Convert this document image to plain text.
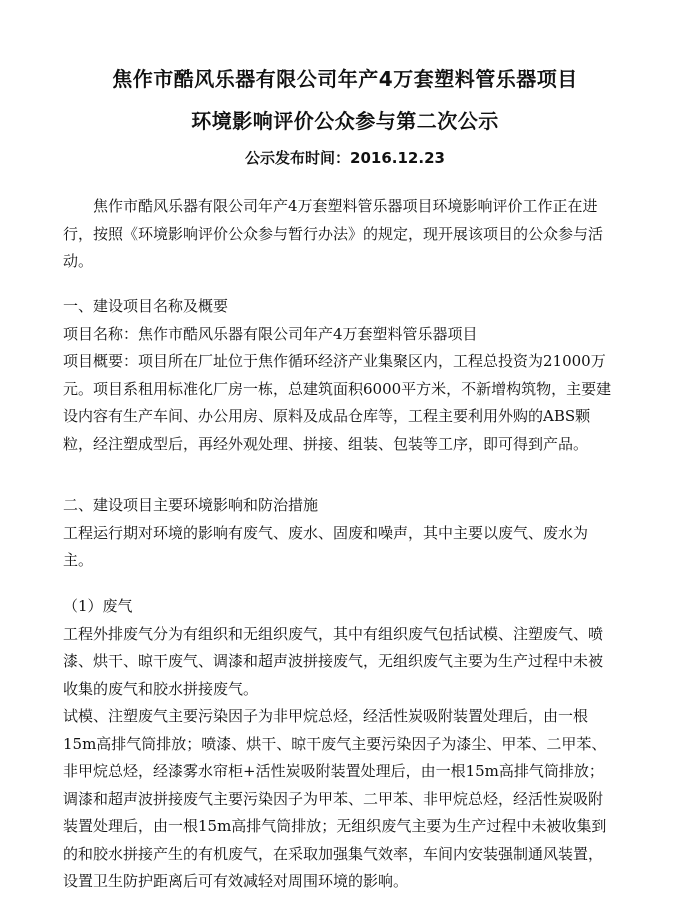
焦作市酷风乐器有限公司年产4万套塑料管乐器项目
环境影响评价公众参与第二次公示
公示发布时间：2016.12.23

焦作市酷风乐器有限公司年产4万套塑料管乐器项目环境影响评价工作正在进行，按照《环境影响评价公众参与暂行办法》的规定，现开展该项目的公众参与活动。

一、建设项目名称及概要

项目名称：焦作市酷风乐器有限公司年产4万套塑料管乐器项目

项目概要：项目所在厂址位于焦作循环经济产业集聚区内，工程总投资为21000万元。项目系租用标准化厂房一栋，总建筑面积6000平方米，不新增构筑物，主要建设内容有生产车间、办公用房、原料及成品仓库等，工程主要利用外购的ABS颗粒，经注塑成型后，再经外观处理、拼接、组装、包装等工序，即可得到产品。

二、建设项目主要环境影响和防治措施

工程运行期对环境的影响有废气、废水、固废和噪声，其中主要以废气、废水为主。

（1）废气

工程外排废气分为有组织和无组织废气，其中有组织废气包括试模、注塑废气、喷漆、烘干、晾干废气、调漆和超声波拼接废气，无组织废气主要为生产过程中未被收集的废气和胶水拼接废气。

试模、注塑废气主要污染因子为非甲烷总烃，经活性炭吸附装置处理后，由一根15m高排气筒排放；喷漆、烘干、晾干废气主要污染因子为漆尘、甲苯、二甲苯、非甲烷总烃，经漆雾水帘柜+活性炭吸附装置处理后，由一根15m高排气筒排放；调漆和超声波拼接废气主要污染因子为甲苯、二甲苯、非甲烷总烃，经活性炭吸附装置处理后，由一根15m高排气筒排放；无组织废气主要为生产过程中未被收集到的和胶水拼接产生的有机废气，在采取加强集气效率，车间内安装强制通风装置，设置卫生防护距离后可有效减轻对周围环境的影响。
